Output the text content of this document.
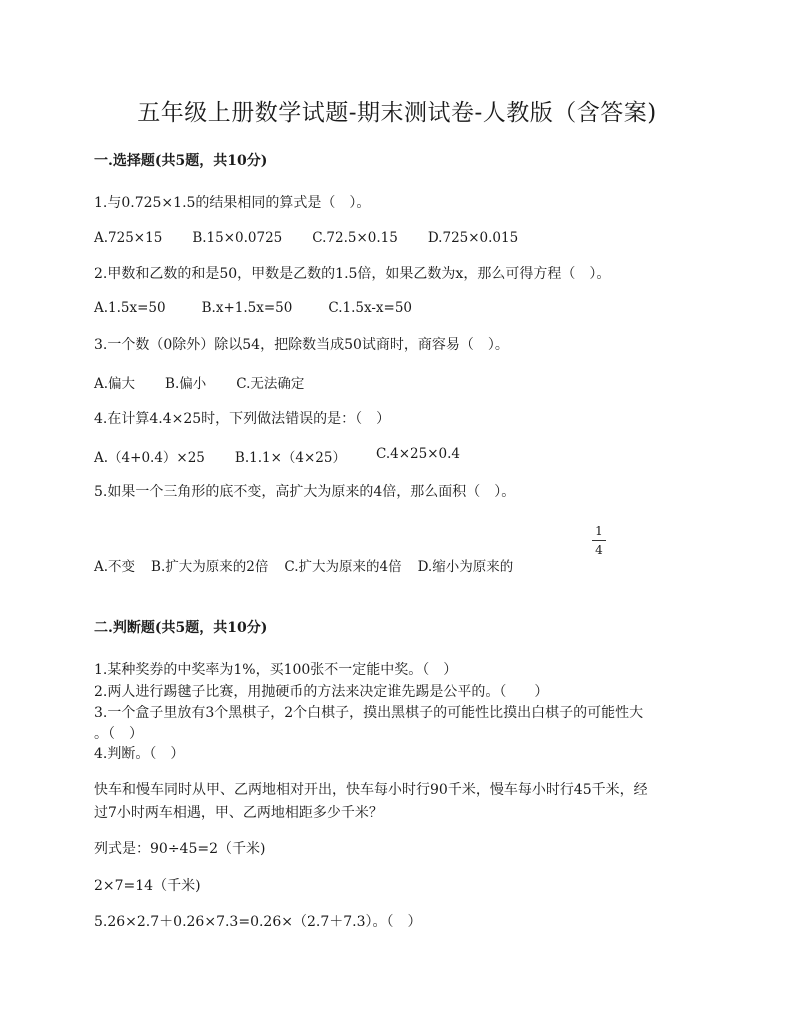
五年级上册数学试题-期末测试卷-人教版（含答案)
一.选择题(共5题，共10分)
1.与0.725×1.5的结果相同的算式是（　）。
A.725×15 B.15×0.0725 C.72.5×0.15 D.725×0.015
2.甲数和乙数的和是50，甲数是乙数的1.5倍，如果乙数为x，那么可得方程（　）。
A.1.5x=50	B.x+1.5x=50	C.1.5x-x=50
3.一个数（0除外）除以54，把除数当成50试商时，商容易（　）。
A.偏大 B.偏小 C.无法确定
4.在计算4.4×25时，下列做法错误的是：（　）
A.（4+0.4）×25 B.1.1×（4×25） C.4×25×0.4
5.如果一个三角形的底不变，高扩大为原来的4倍，那么面积（　）。
1
4
A.不变 B.扩大为原来的2倍 C.扩大为原来的4倍 D.缩小为原来的
二.判断题(共5题，共10分)
1.某种奖券的中奖率为1%，买100张不一定能中奖。（　）
2.两人进行踢毽子比赛，用抛硬币的方法来决定谁先踢是公平的。（　　）
3.一个盒子里放有3个黑棋子，2个白棋子，摸出黑棋子的可能性比摸出白棋子的可能性大
。（　）
4.判断。（　）
快车和慢车同时从甲、乙两地相对开出，快车每小时行90千米，慢车每小时行45千米，经
过7小时两车相遇，甲、乙两地相距多少千米？
列式是：90÷45=2（千米)
2×7=14（千米)
5.26×2.7＋0.26×7.3=0.26×（2.7＋7.3）。（　）
